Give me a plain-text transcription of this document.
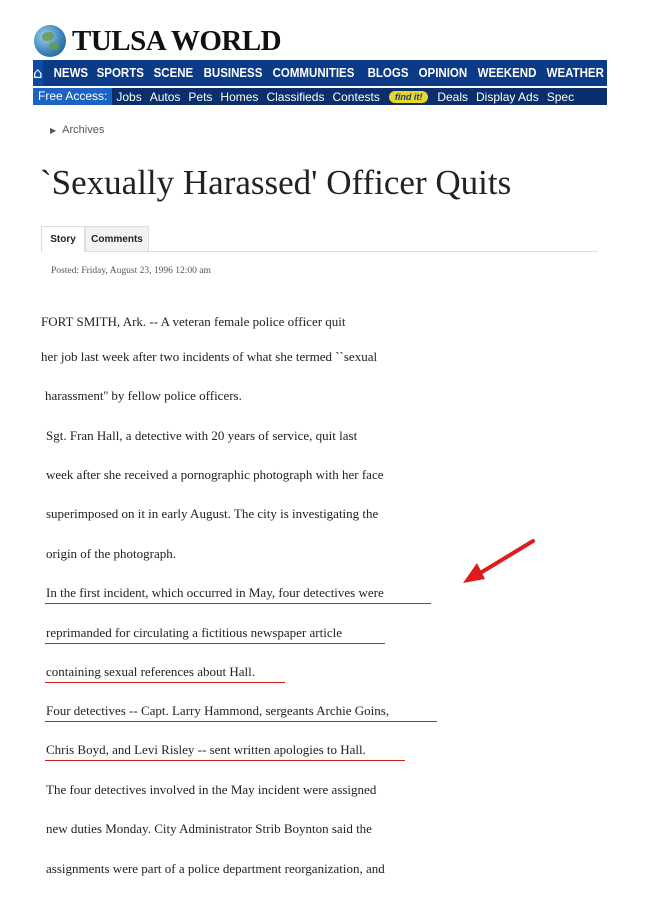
TULSA WORLD
⌂ NEWS SPORTS SCENE BUSINESS COMMUNITIES	BLOGS OPINION WEEKEND WEATHER PHOTO
Free Access: Jobs Autos Pets Homes Classifieds Contests	find it!	Deals Display Ads Spec
▶ Archives
`Sexually Harassed' Officer Quits
Story	Comments
Posted: Friday, August 23, 1996 12:00 am
FORT SMITH, Ark. -- A veteran female police officer quit
her job last week after two incidents of what she termed ``sexual
harassment'' by fellow police officers.
Sgt. Fran Hall, a detective with 20 years of service, quit last
week after she received a pornographic photograph with her face
superimposed on it in early August. The city is investigating the
origin of the photograph.
In the first incident, which occurred in May, four detectives were
reprimanded for circulating a fictitious newspaper article
containing sexual references about Hall.
Four detectives -- Capt. Larry Hammond, sergeants Archie Goins,
Chris Boyd, and Levi Risley -- sent written apologies to Hall.
The four detectives involved in the May incident were assigned
new duties Monday. City Administrator Strib Boynton said the
assignments were part of a police department reorganization, and
